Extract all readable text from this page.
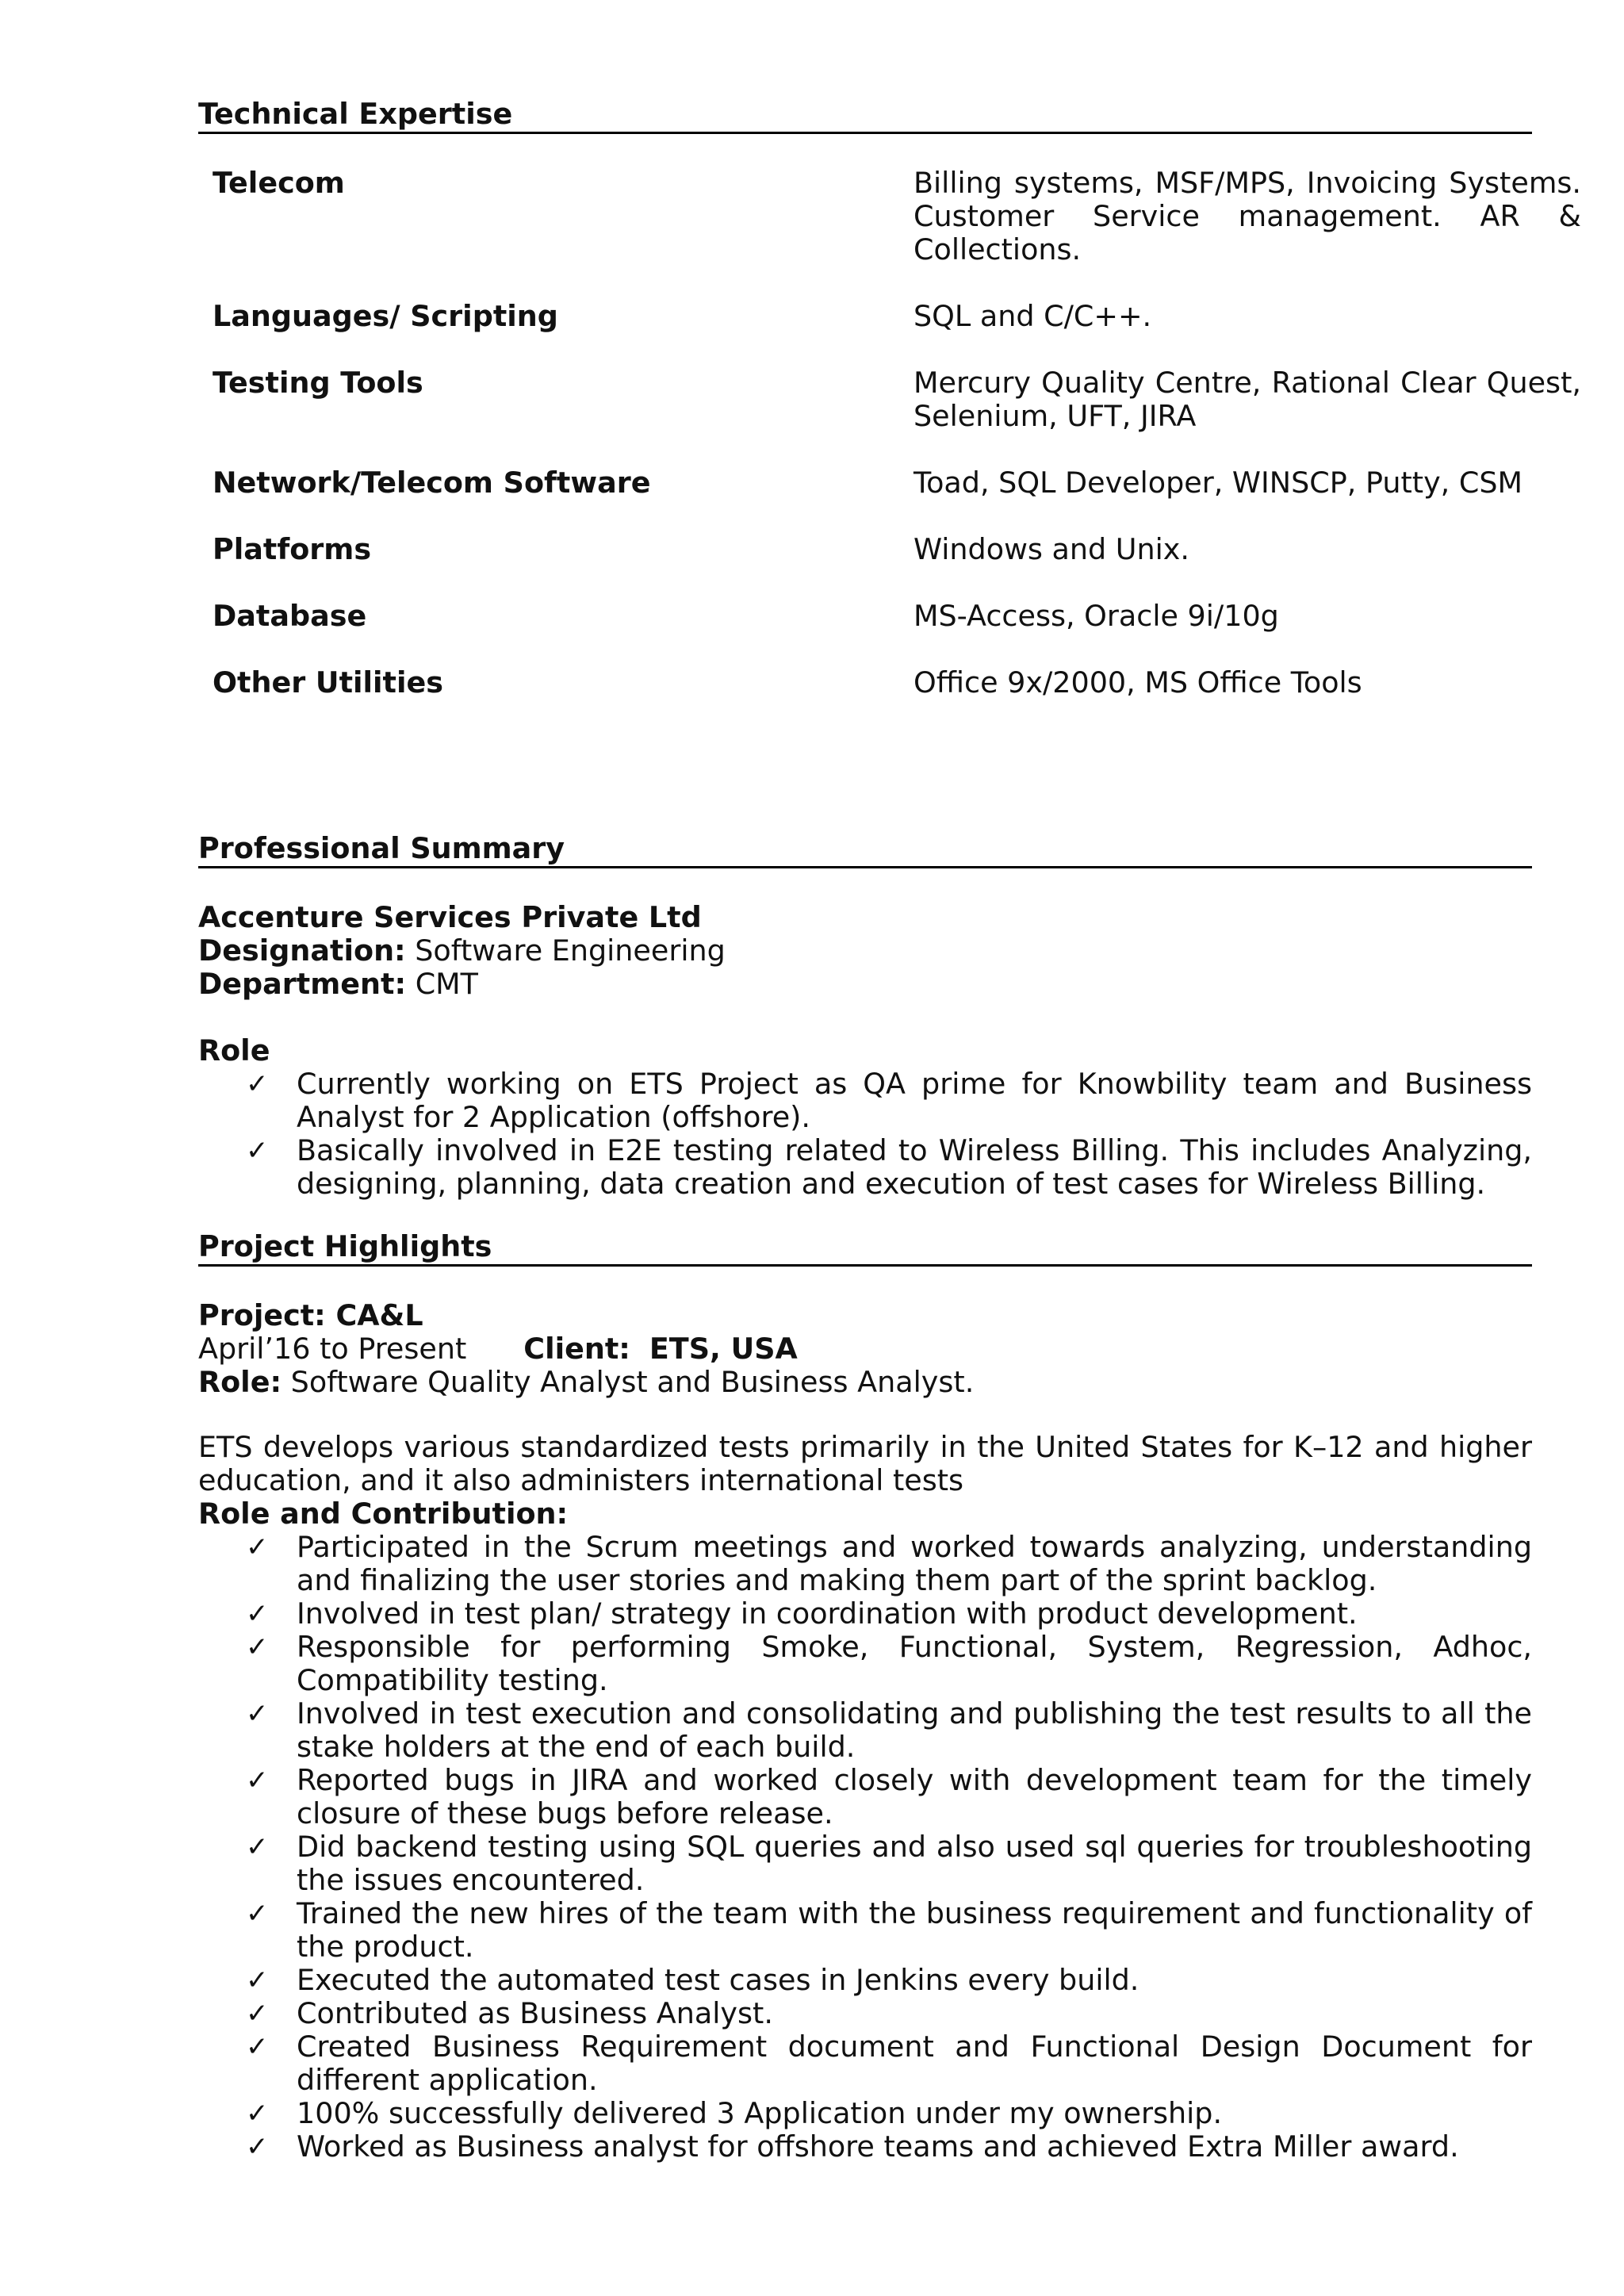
Technical Expertise
Telecom	Billing systems, MSF/MPS, Invoicing Systems. Customer Service management. AR & Collections.
Languages/ Scripting	SQL and C/C++.
Testing Tools	Mercury Quality Centre, Rational Clear Quest, Selenium, UFT, JIRA
Network/Telecom Software	Toad, SQL Developer, WINSCP, Putty, CSM
Platforms	Windows and Unix.
Database	MS-Access, Oracle 9i/10g
Other Utilities	Office 9x/2000, MS Office Tools
Professional Summary
Accenture Services Private Ltd
Designation: Software Engineering
Department: CMT
Role
✓ Currently working on ETS Project as QA prime for Knowbility team and Business Analyst for 2 Application (offshore).
✓ Basically involved in E2E testing related to Wireless Billing. This includes Analyzing, designing, planning, data creation and execution of test cases for Wireless Billing.
Project Highlights
Project: CA&L
April’16 to Present Client: ETS, USA
Role: Software Quality Analyst and Business Analyst.
ETS develops various standardized tests primarily in the United States for K–12 and higher education, and it also administers international tests
Role and Contribution:
✓ Participated in the Scrum meetings and worked towards analyzing, understanding and finalizing the user stories and making them part of the sprint backlog.
✓ Involved in test plan/ strategy in coordination with product development.
✓ Responsible for performing Smoke, Functional, System, Regression, Adhoc, Compatibility testing.
✓ Involved in test execution and consolidating and publishing the test results to all the stake holders at the end of each build.
✓ Reported bugs in JIRA and worked closely with development team for the timely closure of these bugs before release.
✓ Did backend testing using SQL queries and also used sql queries for troubleshooting the issues encountered.
✓ Trained the new hires of the team with the business requirement and functionality of the product.
✓ Executed the automated test cases in Jenkins every build.
✓ Contributed as Business Analyst.
✓ Created Business Requirement document and Functional Design Document for different application.
✓ 100% successfully delivered 3 Application under my ownership.
✓ Worked as Business analyst for offshore teams and achieved Extra Miller award.
